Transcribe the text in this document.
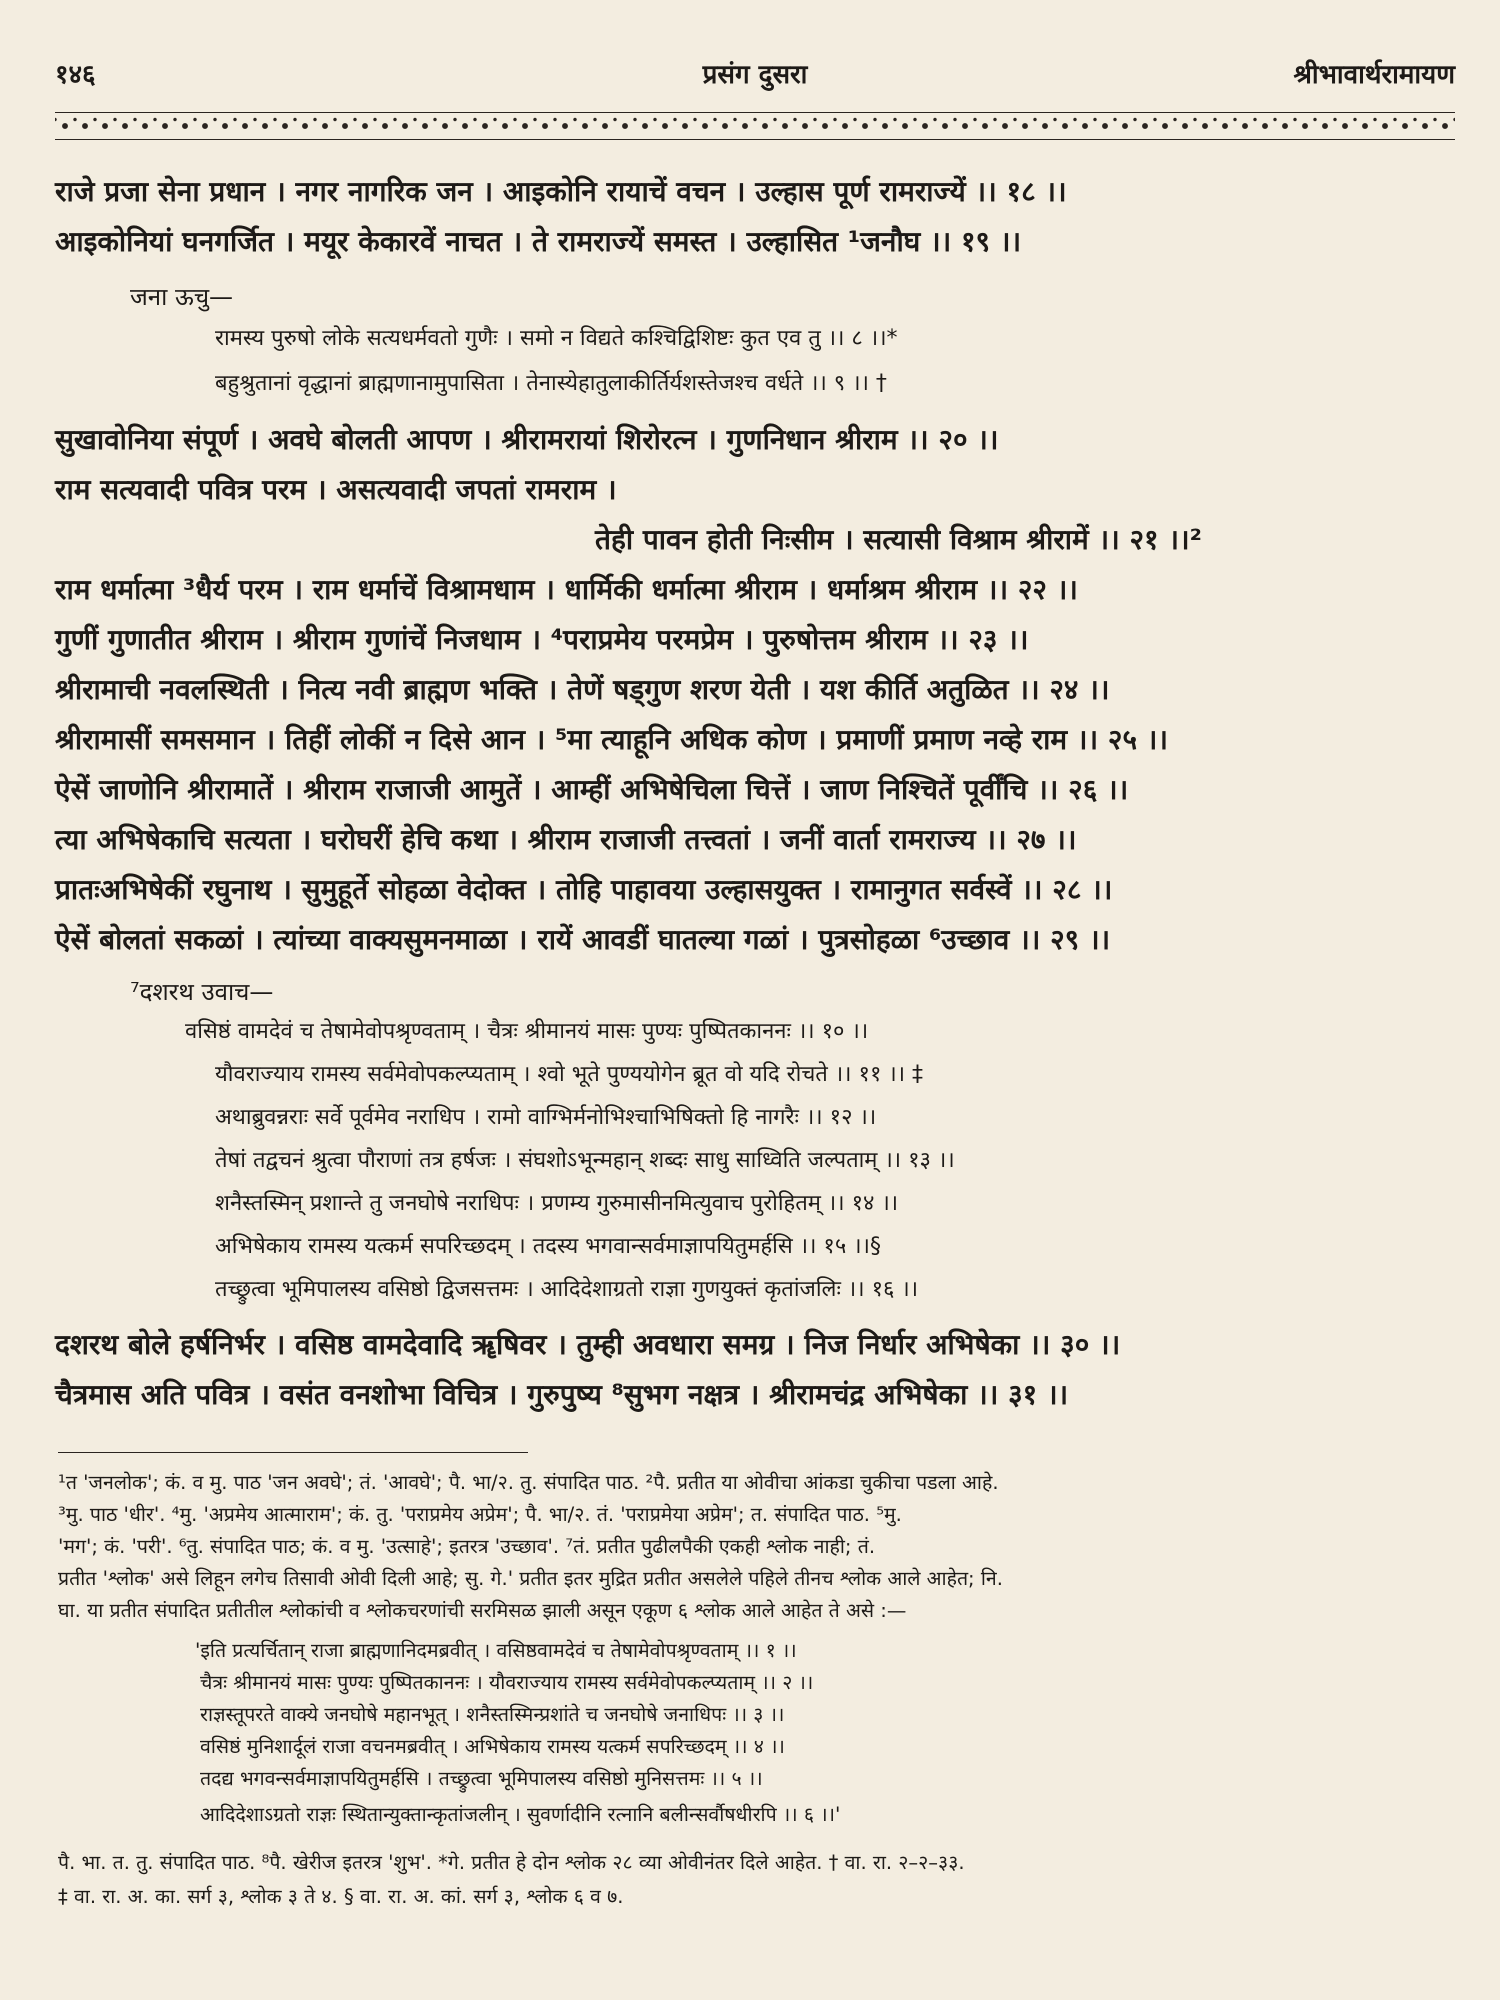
१४६	प्रसंग दुसरा	श्रीभावार्थरामायण
राजे प्रजा सेना प्रधान । नगर नागरिक जन । आइकोनि रायाचें वचन । उल्हास पूर्ण रामराज्यें ।। १८ ।।
आइकोनियां घनगर्जित । मयूर केकारवें नाचत । ते रामराज्यें समस्त । उल्हासित ¹जनौघ ।। १९ ।।
जना ऊचु—
रामस्य पुरुषो लोके सत्यधर्मवतो गुणैः । समो न विद्यते कश्चिद्विशिष्टः कुत एव तु ।। ८ ।।*
बहुश्रुतानां वृद्धानां ब्राह्मणानामुपासिता । तेनास्येहातुलाकीर्तिर्यशस्तेजश्च वर्धते ।। ९ ।। †
सुखावोनिया संपूर्ण । अवघे बोलती आपण । श्रीरामरायां शिरोरत्न । गुणनिधान श्रीराम ।। २० ।।
राम सत्यवादी पवित्र परम । असत्यवादी जपतां रामराम ।
तेही पावन होती निःसीम । सत्यासी विश्राम श्रीरामें ।। २१ ।।²
राम धर्मात्मा ³धैर्य परम । राम धर्माचें विश्रामधाम । धार्मिकी धर्मात्मा श्रीराम । धर्माश्रम श्रीराम ।। २२ ।।
गुणीं गुणातीत श्रीराम । श्रीराम गुणांचें निजधाम । ⁴पराप्रमेय परमप्रेम । पुरुषोत्तम श्रीराम ।। २३ ।।
श्रीरामाची नवलस्थिती । नित्य नवी ब्राह्मण भक्ति । तेणें षड्गुण शरण येती । यश कीर्ति अतुळित ।। २४ ।।
श्रीरामासीं समसमान । तिहीं लोकीं न दिसे आन । ⁵मा त्याहूनि अधिक कोण । प्रमाणीं प्रमाण नव्हे राम ।। २५ ।।
ऐसें जाणोनि श्रीरामातें । श्रीराम राजाजी आमुतें । आम्हीं अभिषेचिला चित्तें । जाण निश्चितें पूर्वींचि ।। २६ ।।
त्या अभिषेकाचि सत्यता । घरोघरीं हेचि कथा । श्रीराम राजाजी तत्त्वतां । जनीं वार्ता रामराज्य ।। २७ ।।
प्रातःअभिषेकीं रघुनाथ । सुमुहूर्ते सोहळा वेदोक्त । तोहि पाहावया उल्हासयुक्त । रामानुगत सर्वस्वें ।। २८ ।।
ऐसें बोलतां सकळां । त्यांच्या वाक्यसुमनमाळा । रायें आवडीं घातल्या गळां । पुत्रसोहळा ⁶उच्छाव ।। २९ ।।
⁷दशरथ उवाच—
वसिष्ठं वामदेवं च तेषामेवोपश्रृण्वताम् । चैत्रः श्रीमानयं मासः पुण्यः पुष्पितकाननः ।। १० ।।
यौवराज्याय रामस्य सर्वमेवोपकल्प्यताम् । श्वो भूते पुण्ययोगेन ब्रूत वो यदि रोचते ।। ११ ।। ‡
अथाब्रुवन्नराः सर्वे पूर्वमेव नराधिप । रामो वाग्भिर्मनोभिश्चाभिषिक्तो हि नागरैः ।। १२ ।।
तेषां तद्वचनं श्रुत्वा पौराणां तत्र हर्षजः । संघशोऽभून्महान् शब्दः साधु साध्विति जल्पताम् ।। १३ ।।
शनैस्तस्मिन् प्रशान्ते तु जनघोषे नराधिपः । प्रणम्य गुरुमासीनमित्युवाच पुरोहितम् ।। १४ ।।
अभिषेकाय रामस्य यत्कर्म सपरिच्छदम् । तदस्य भगवान्सर्वमाज्ञापयितुमर्हसि ।। १५ ।।§
तच्छ्रुत्वा भूमिपालस्य वसिष्ठो द्विजसत्तमः । आदिदेशाग्रतो राज्ञा गुणयुक्तं कृतांजलिः ।। १६ ।।
दशरथ बोले हर्षनिर्भर । वसिष्ठ वामदेवादि ॠषिवर । तुम्ही अवधारा समग्र । निज निर्धार अभिषेका ।। ३० ।।
चैत्रमास अति पवित्र । वसंत वनशोभा विचित्र । गुरुपुष्य ⁸सुभग नक्षत्र । श्रीरामचंद्र अभिषेका ।। ३१ ।।
¹त 'जनलोक'; कं. व मु. पाठ 'जन अवघे'; तं. 'आवघे'; पै. भा/२. तु. संपादित पाठ. ²पै. प्रतीत या ओवीचा आंकडा चुकीचा पडला आहे.
³मु. पाठ 'धीर'. ⁴मु. 'अप्रमेय आत्माराम'; कं. तु. 'पराप्रमेय अप्रेम'; पै. भा/२. तं. 'पराप्रमेया अप्रेम'; त. संपादित पाठ. ⁵मु.
'मग'; कं. 'परी'. ⁶तु. संपादित पाठ; कं. व मु. 'उत्साहे'; इतरत्र 'उच्छाव'. ⁷तं. प्रतीत पुढीलपैकी एकही श्लोक नाही; तं.
प्रतीत 'श्लोक' असे लिहून लगेच तिसावी ओवी दिली आहे; सु. गे.' प्रतीत इतर मुद्रित प्रतीत असलेले पहिले तीनच श्लोक आले आहेत; नि.
घा. या प्रतीत संपादित प्रतीतील श्लोकांची व श्लोकचरणांची सरमिसळ झाली असून एकूण ६ श्लोक आले आहेत ते असे :—
'इति प्रत्यर्चितान् राजा ब्राह्मणानिदमब्रवीत् । वसिष्ठवामदेवं च तेषामेवोपश्रृण्वताम् ।। १ ।।
चैत्रः श्रीमानयं मासः पुण्यः पुष्पितकाननः । यौवराज्याय रामस्य सर्वमेवोपकल्प्यताम् ।। २ ।।
राज्ञस्तूपरते वाक्ये जनघोषे महानभूत् । शनैस्तस्मिन्प्रशांते च जनघोषे जनाधिपः ।। ३ ।।
वसिष्ठं मुनिशार्दूलं राजा वचनमब्रवीत् । अभिषेकाय रामस्य यत्कर्म सपरिच्छदम् ।। ४ ।।
तदद्य भगवन्सर्वमाज्ञापयितुमर्हसि । तच्छ्रुत्वा भूमिपालस्य वसिष्ठो मुनिसत्तमः ।। ५ ।।
आदिदेशाऽग्रतो राज्ञः स्थितान्युक्तान्कृतांजलीन् । सुवर्णादीनि रत्नानि बलीन्सर्वौषधीरपि ।। ६ ।।'
पै. भा. त. तु. संपादित पाठ. ⁸पै. खेरीज इतरत्र 'शुभ'. *गे. प्रतीत हे दोन श्लोक २८ व्या ओवीनंतर दिले आहेत. † वा. रा. २–२–३३.
‡ वा. रा. अ. का. सर्ग ३, श्लोक ३ ते ४. § वा. रा. अ. कां. सर्ग ३, श्लोक ६ व ७.
